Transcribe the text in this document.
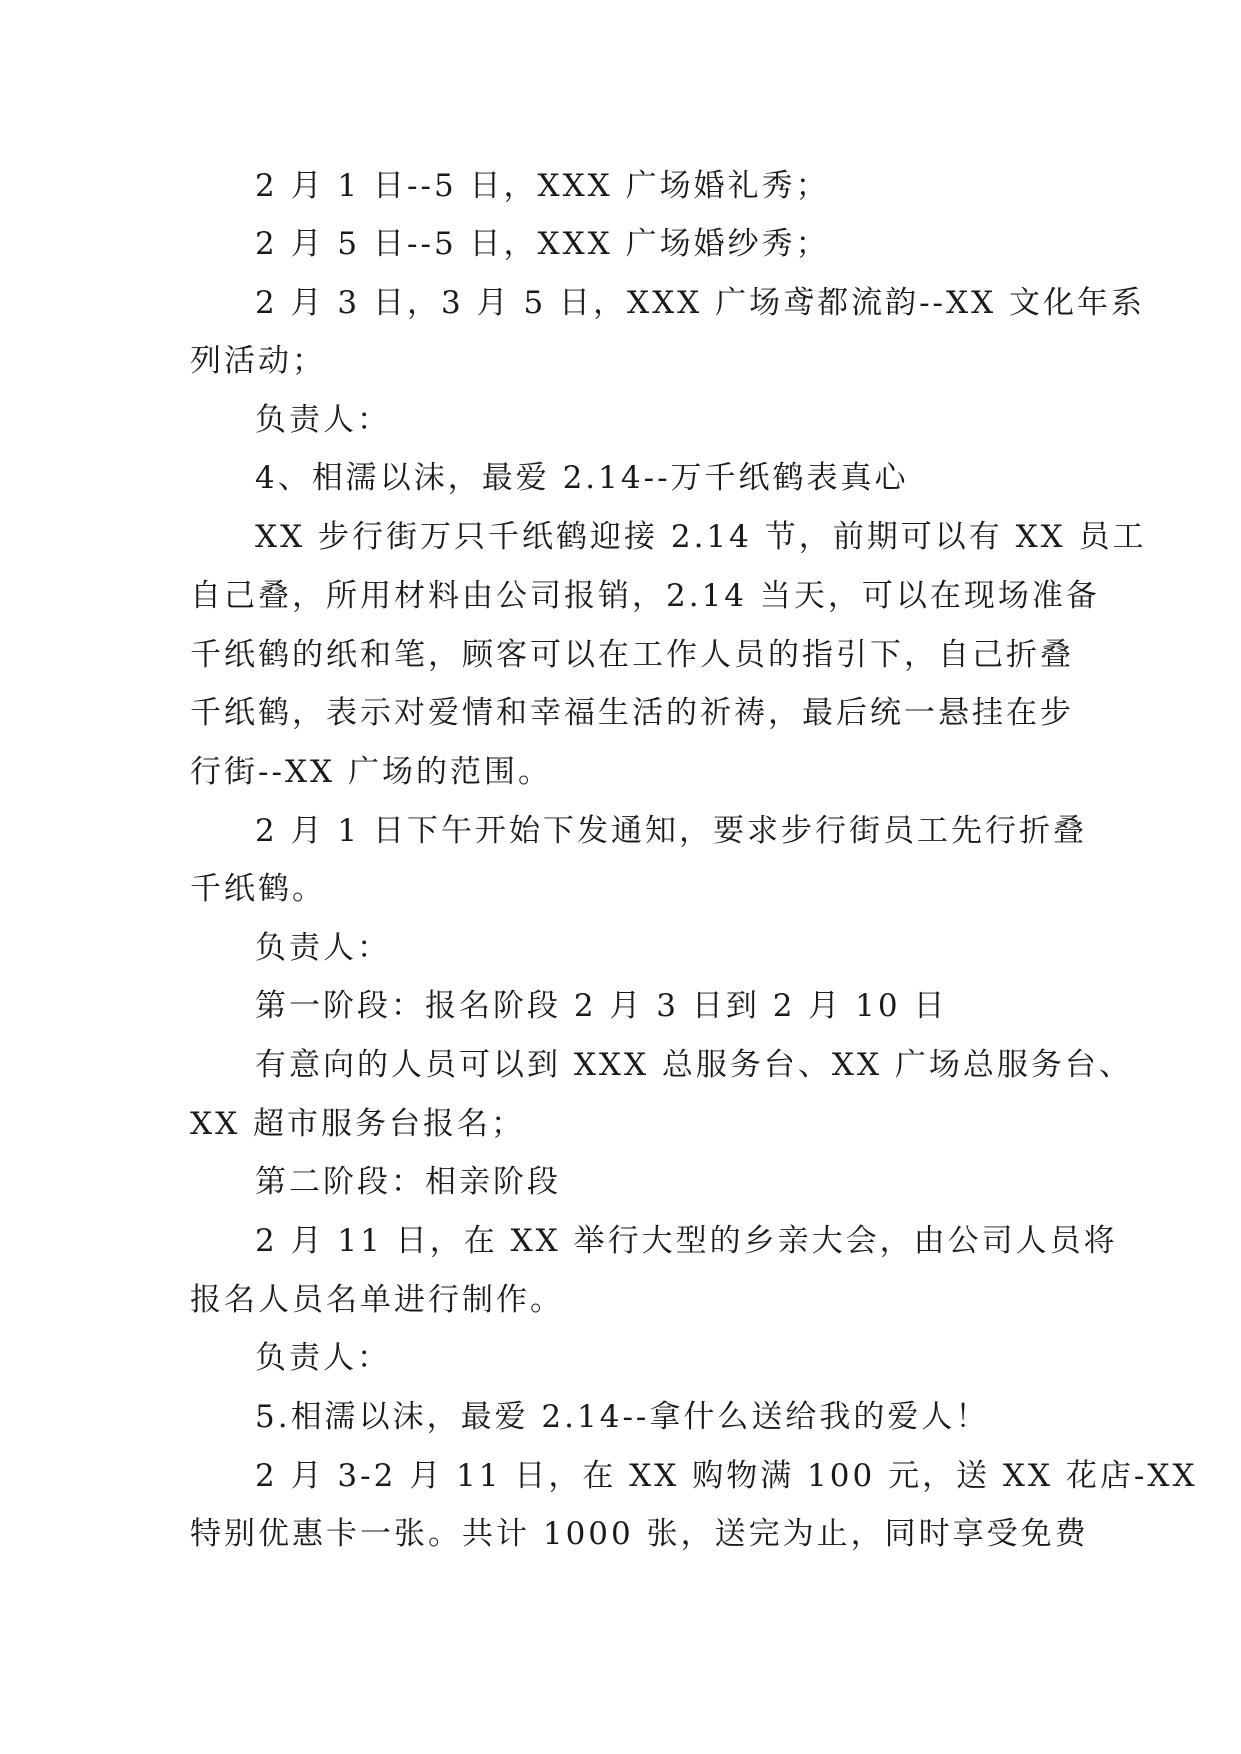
2 月 1 日--5 日，XXX 广场婚礼秀；
2 月 5 日--5 日，XXX 广场婚纱秀；
2 月 3 日，3 月 5 日，XXX 广场鸢都流韵--XX 文化年系
列活动；
负责人：
4、相濡以沫，最爱 2.14--万千纸鹤表真心
XX 步行街万只千纸鹤迎接 2.14 节，前期可以有 XX 员工
自己叠，所用材料由公司报销，2.14 当天，可以在现场准备
千纸鹤的纸和笔，顾客可以在工作人员的指引下，自己折叠
千纸鹤，表示对爱情和幸福生活的祈祷，最后统一悬挂在步
行街--XX 广场的范围。
2 月 1 日下午开始下发通知，要求步行街员工先行折叠
千纸鹤。
负责人：
第一阶段：报名阶段 2 月 3 日到 2 月 10 日
有意向的人员可以到 XXX 总服务台、XX 广场总服务台、
XX 超市服务台报名；
第二阶段：相亲阶段
2 月 11 日，在 XX 举行大型的乡亲大会，由公司人员将
报名人员名单进行制作。
负责人：
5.相濡以沫，最爱 2.14--拿什么送给我的爱人！
2 月 3-2 月 11 日，在 XX 购物满 100 元，送 XX 花店-XX
特别优惠卡一张。共计 1000 张，送完为止，同时享受免费
